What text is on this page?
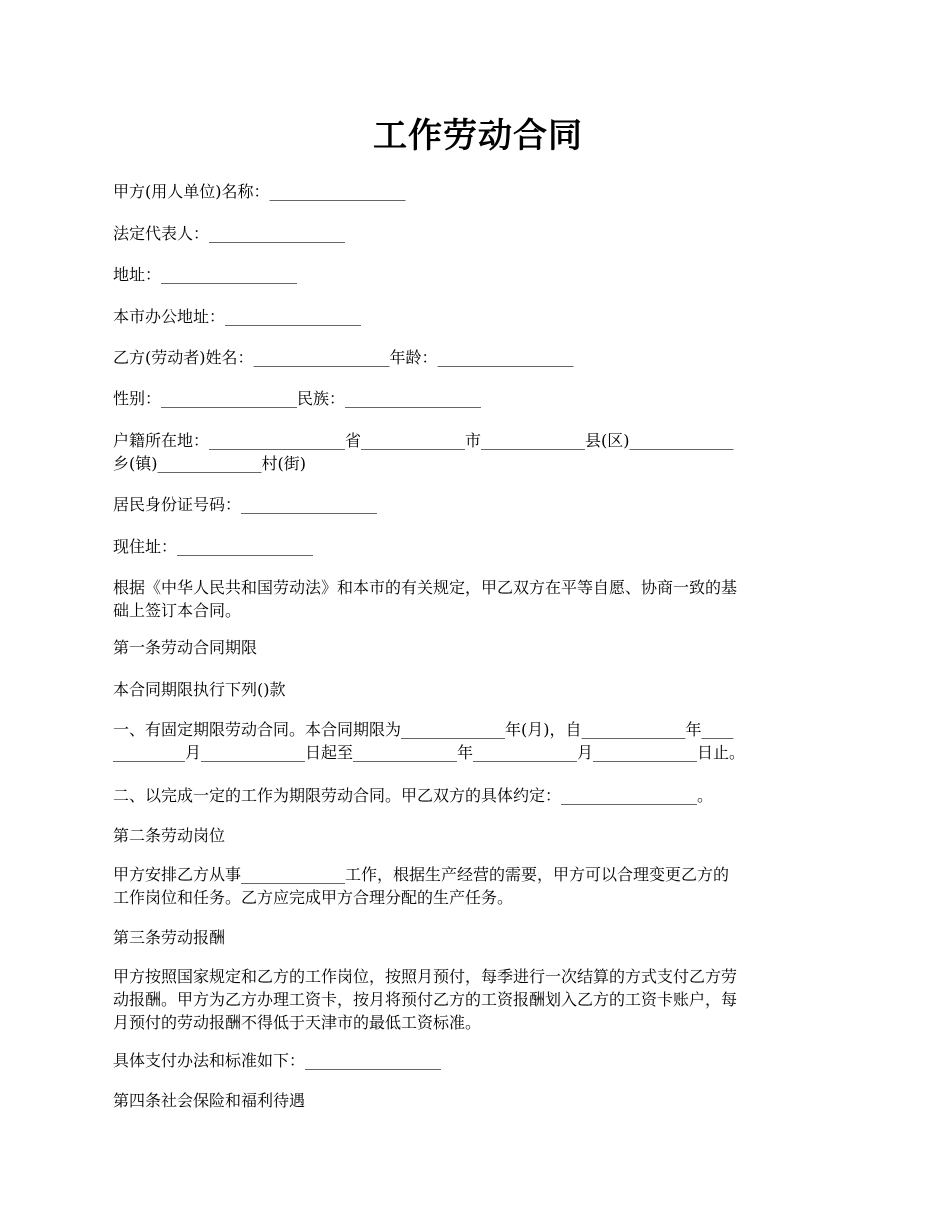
工作劳动合同
甲方(用人单位)名称：_________________
法定代表人：_________________
地址：_________________
本市办公地址：_________________
乙方(劳动者)姓名：_________________年龄：_________________
性别：_________________民族：_________________
户籍所在地：_________________省_____________市_____________县(区)_____________
乡(镇)_____________村(街)
居民身份证号码：_________________
现住址：_________________
根据《中华人民共和国劳动法》和本市的有关规定，甲乙双方在平等自愿、协商一致的基
础上签订本合同。
第一条劳动合同期限
本合同期限执行下列()款
一、有固定期限劳动合同。本合同期限为_____________年(月)，自_____________年____
_________月_____________日起至_____________年_____________月_____________日止。
二、以完成一定的工作为期限劳动合同。甲乙双方的具体约定：_________________。
第二条劳动岗位
甲方安排乙方从事_____________工作，根据生产经营的需要，甲方可以合理变更乙方的
工作岗位和任务。乙方应完成甲方合理分配的生产任务。
第三条劳动报酬
甲方按照国家规定和乙方的工作岗位，按照月预付，每季进行一次结算的方式支付乙方劳
动报酬。甲方为乙方办理工资卡，按月将预付乙方的工资报酬划入乙方的工资卡账户，每
月预付的劳动报酬不得低于天津市的最低工资标准。
具体支付办法和标准如下：_________________
第四条社会保险和福利待遇
